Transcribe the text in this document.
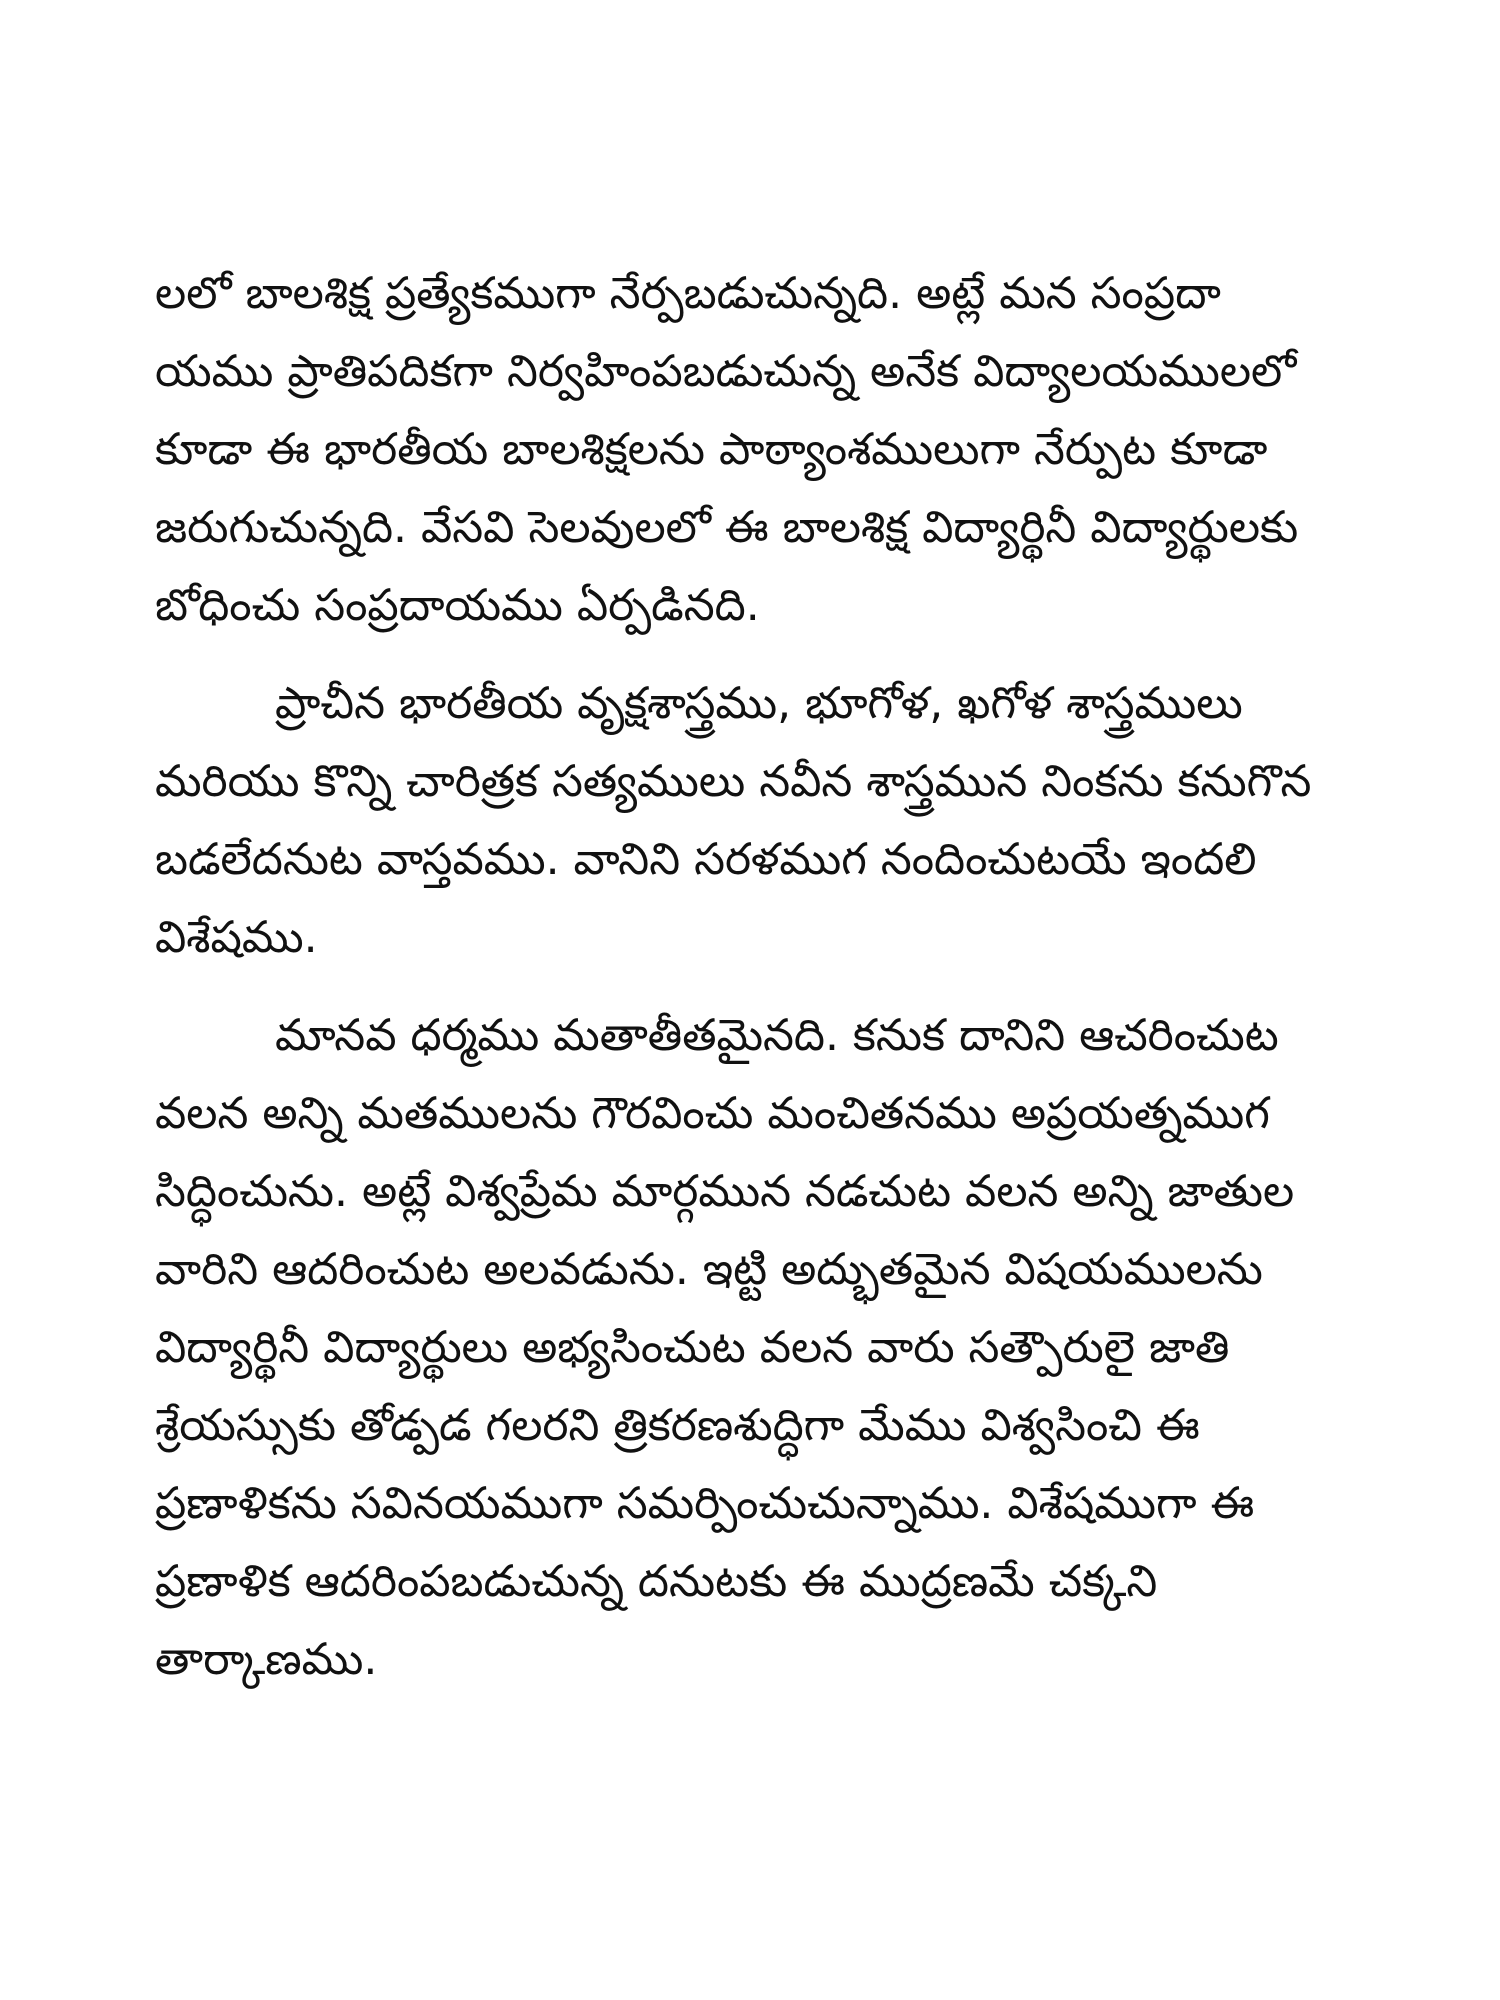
లలో బాలశిక్ష ప్రత్యేకముగా నేర్పబడుచున్నది. అట్లే మన సంప్రదా
యము ప్రాతిపదికగా నిర్వహింపబడుచున్న అనేక విద్యాలయములలో
కూడా ఈ భారతీయ బాలశిక్షలను పాఠ్యాంశములుగా నేర్పుట కూడా
జరుగుచున్నది. వేసవి సెలవులలో ఈ బాలశిక్ష విద్యార్థినీ విద్యార్థులకు
బోధించు సంప్రదాయము ఏర్పడినది.

ప్రాచీన భారతీయ వృక్షశాస్త్రము, భూగోళ, ఖగోళ శాస్త్రములు
మరియు కొన్ని చారిత్రక సత్యములు నవీన శాస్త్రమున నింకను కనుగొన
బడలేదనుట వాస్తవము. వానిని సరళముగ నందించుటయే ఇందలి
విశేషము.

మానవ ధర్మము మతాతీతమైనది. కనుక దానిని ఆచరించుట
వలన అన్ని మతములను గౌరవించు మంచితనము అప్రయత్నముగ
సిద్ధించును. అట్లే విశ్వప్రేమ మార్గమున నడచుట వలన అన్ని జాతుల
వారిని ఆదరించుట అలవడును. ఇట్టి అద్భుతమైన విషయములను
విద్యార్థినీ విద్యార్థులు అభ్యసించుట వలన వారు సత్పౌరులై జాతి
శ్రేయస్సుకు తోడ్పడ గలరని త్రికరణశుద్ధిగా మేము విశ్వసించి ఈ
ప్రణాళికను సవినయముగా సమర్పించుచున్నాము. విశేషముగా ఈ
ప్రణాళిక ఆదరింపబడుచున్న దనుటకు ఈ ముద్రణమే చక్కని
తార్కాణము.
